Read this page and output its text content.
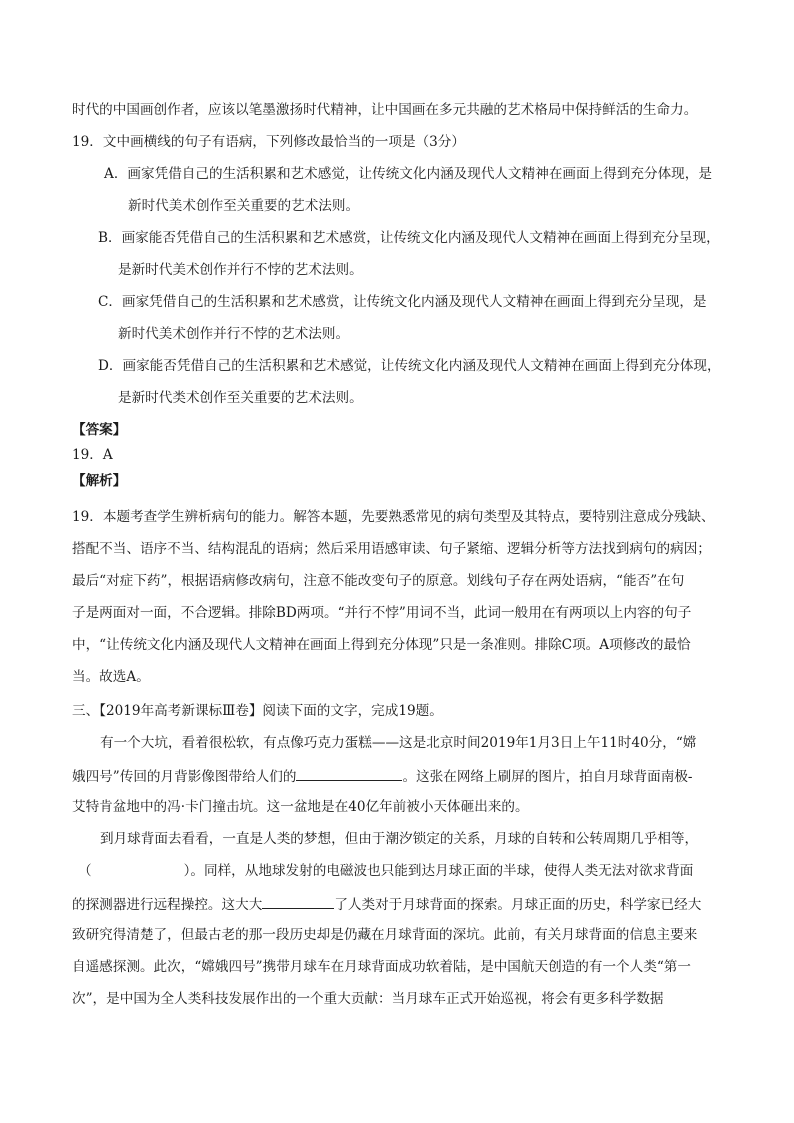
时代的中国画创作者，应该以笔墨激扬时代精神，让中国画在多元共融的艺术格局中保持鲜活的生命力。
19．文中画横线的句子有语病，下列修改最恰当的一项是（3分）
A．画家凭借自己的生活积累和艺术感觉，让传统文化内涵及现代人文精神在画面上得到充分体现，是
新时代美术创作至关重要的艺术法则。
B．画家能否凭借自己的生活积累和艺术感赏，让传统文化内涵及现代人文精神在画面上得到充分呈现，
是新时代美术创作并行不悖的艺术法则。
C．画家凭借自己的生活积累和艺术感赏，让传统文化内涵及现代人文精神在画面上得到充分呈现，是
新时代美术创作并行不悖的艺术法则。
D．画家能否凭借自己的生活积累和艺术感觉，让传统文化内涵及现代人文精神在画面上得到充分体现，
是新时代类术创作至关重要的艺术法则。
【答案】
19．A
【解析】
19．本题考查学生辨析病句的能力。解答本题，先要熟悉常见的病句类型及其特点，要特别注意成分残缺、
搭配不当、语序不当、结构混乱的语病；然后采用语感审读、句子紧缩、逻辑分析等方法找到病句的病因；
最后“对症下药”，根据语病修改病句，注意不能改变句子的原意。划线句子存在两处语病，“能否”在句
子是两面对一面，不合逻辑。排除BD两项。“并行不悖”用词不当，此词一般用在有两项以上内容的句子
中，“让传统文化内涵及现代人文精神在画面上得到充分体现”只是一条准则。排除C项。A项修改的最恰
当。故选A。
三、【2019年高考新课标Ⅲ卷】阅读下面的文字，完成19题。
有一个大坑，看着很松软，有点像巧克力蛋糕——这是北京时间2019年1月3日上午11时40分，“嫦
娥四号”传回的月背影像图带给人们的	。这张在网络上刷屏的图片，拍自月球背面南极-
艾特肯盆地中的冯·卡门撞击坑。这一盆地是在40亿年前被小天体砸出来的。
到月球背面去看看，一直是人类的梦想，但由于潮汐锁定的关系，月球的自转和公转周期几乎相等，
（	）。同样，从地球发射的电磁波也只能到达月球正面的半球，使得人类无法对欲求背面
的探测器进行远程操控。这大大	了人类对于月球背面的探索。月球正面的历史，科学家已经大
致研究得清楚了，但最古老的那一段历史却是仍藏在月球背面的深坑。此前，有关月球背面的信息主要来
自遥感探测。此次，“嫦娥四号”携带月球车在月球背面成功软着陆，是中国航天创造的有一个人类“第一
次”，是中国为全人类科技发展作出的一个重大贡献：当月球车正式开始巡视，将会有更多科学数据
